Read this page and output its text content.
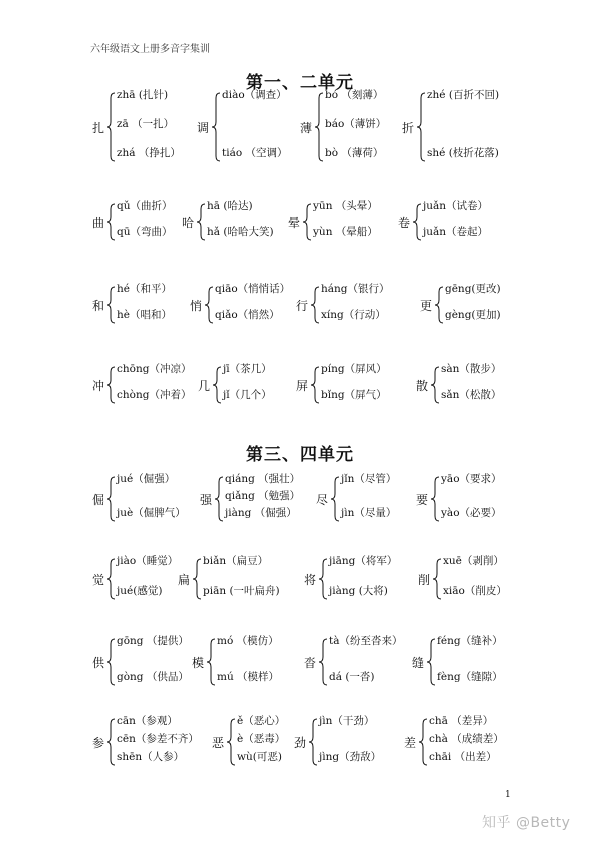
六年级语文上册多音字集训
第一、二单元
第三、四单元
扎
zhā (扎针)
zā （一扎）
zhá （挣扎）
调
diào（调查）
tiáo （空调）
薄
bó （刻薄）
báo（薄饼）
bò （薄荷）
折
zhé (百折不回)
shé (枝折花落)
曲
qǔ（曲折）
qū（弯曲）
哈
hā (哈达)
hǎ (哈哈大笑)
晕
yūn （头晕）
yùn （晕船）
卷
juǎn（试卷）
juǎn（卷起）
和
hé（和平）
hè（唱和）
悄
qiāo（悄悄话）
qiǎo（悄然）
行
háng（银行）
xíng（行动）
更
gēng(更改)
gèng(更加)
冲
chōng（冲凉）
chòng（冲着）
几
jī（茶几）
jǐ（几个）
屏
píng（屏风）
bǐng（屏气）
散
sàn（散步）
sǎn（松散）
倔
jué（倔强）
juè（倔脾气）
强
qiáng （强壮）
qiǎng （勉强）
jiàng （倔强）
尽
jǐn（尽管）
jìn（尽量）
要
yāo（要求）
yào（必要）
觉
jiào（睡觉）
jué(感觉)
扁
biǎn（扁豆）
piān (一叶扁舟)
将
jiāng（将军）
jiàng (大将)
削
xuē（剥削）
xiāo（削皮）
供
gōng （提供）
gòng （供品）
模
mó （模仿）
mú （模样）
沓
tà（纷至沓来）
dá (一沓)
缝
féng（缝补）
fèng（缝隙）
参
cān（参观）
cēn（参差不齐）
shēn（人参）
恶
ě（恶心）
è（恶毒）
wù(可恶)
劲
jìn（干劲）
jìng（劲敌）
差
chā （差异）
chà （成绩差）
chāi （出差）
1
知乎 @Betty
